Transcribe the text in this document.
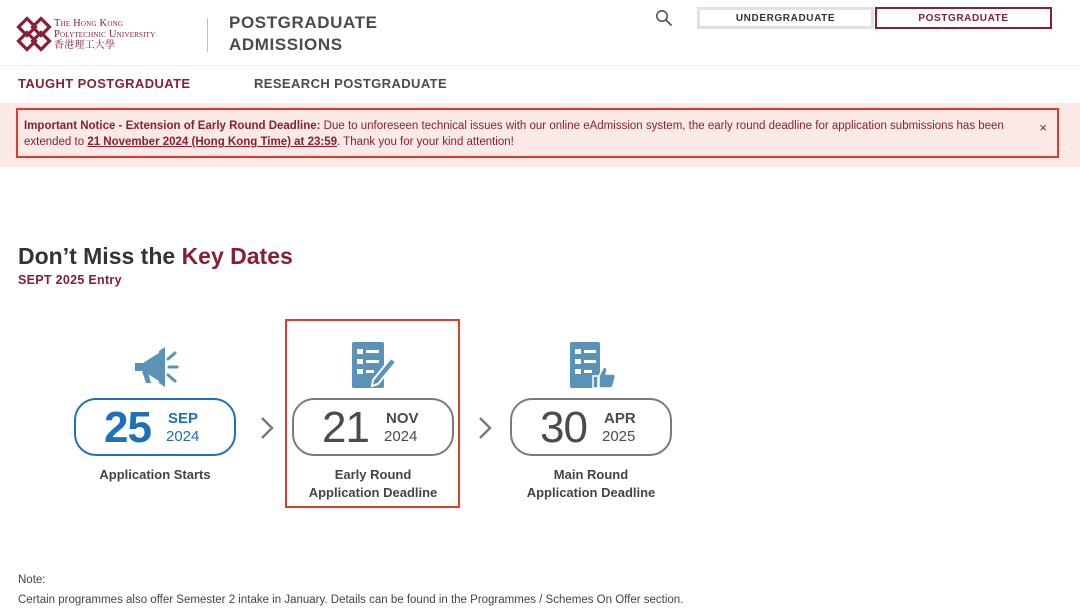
The Hong Kong
Polytechnic University
香港理工大學
POSTGRADUATE
ADMISSIONS
UNDERGRADUATE	POSTGRADUATE
TAUGHT POSTGRADUATE	RESEARCH POSTGRADUATE
Important Notice - Extension of Early Round Deadline: Due to unforeseen technical issues with our online eAdmission system, the early round deadline for application submissions has been extended to 21 November 2024 (Hong Kong Time) at 23:59. Thank you for your kind attention!
×
Don’t Miss the Key Dates
SEPT 2025 Entry
25 SEP
2024	21 NOV
2024	30 APR
2025
Application Starts	Early Round Application Deadline
Main Round Application Deadline
Note:
Certain programmes also offer Semester 2 intake in January. Details can be found in the Programmes / Schemes On Offer section.
